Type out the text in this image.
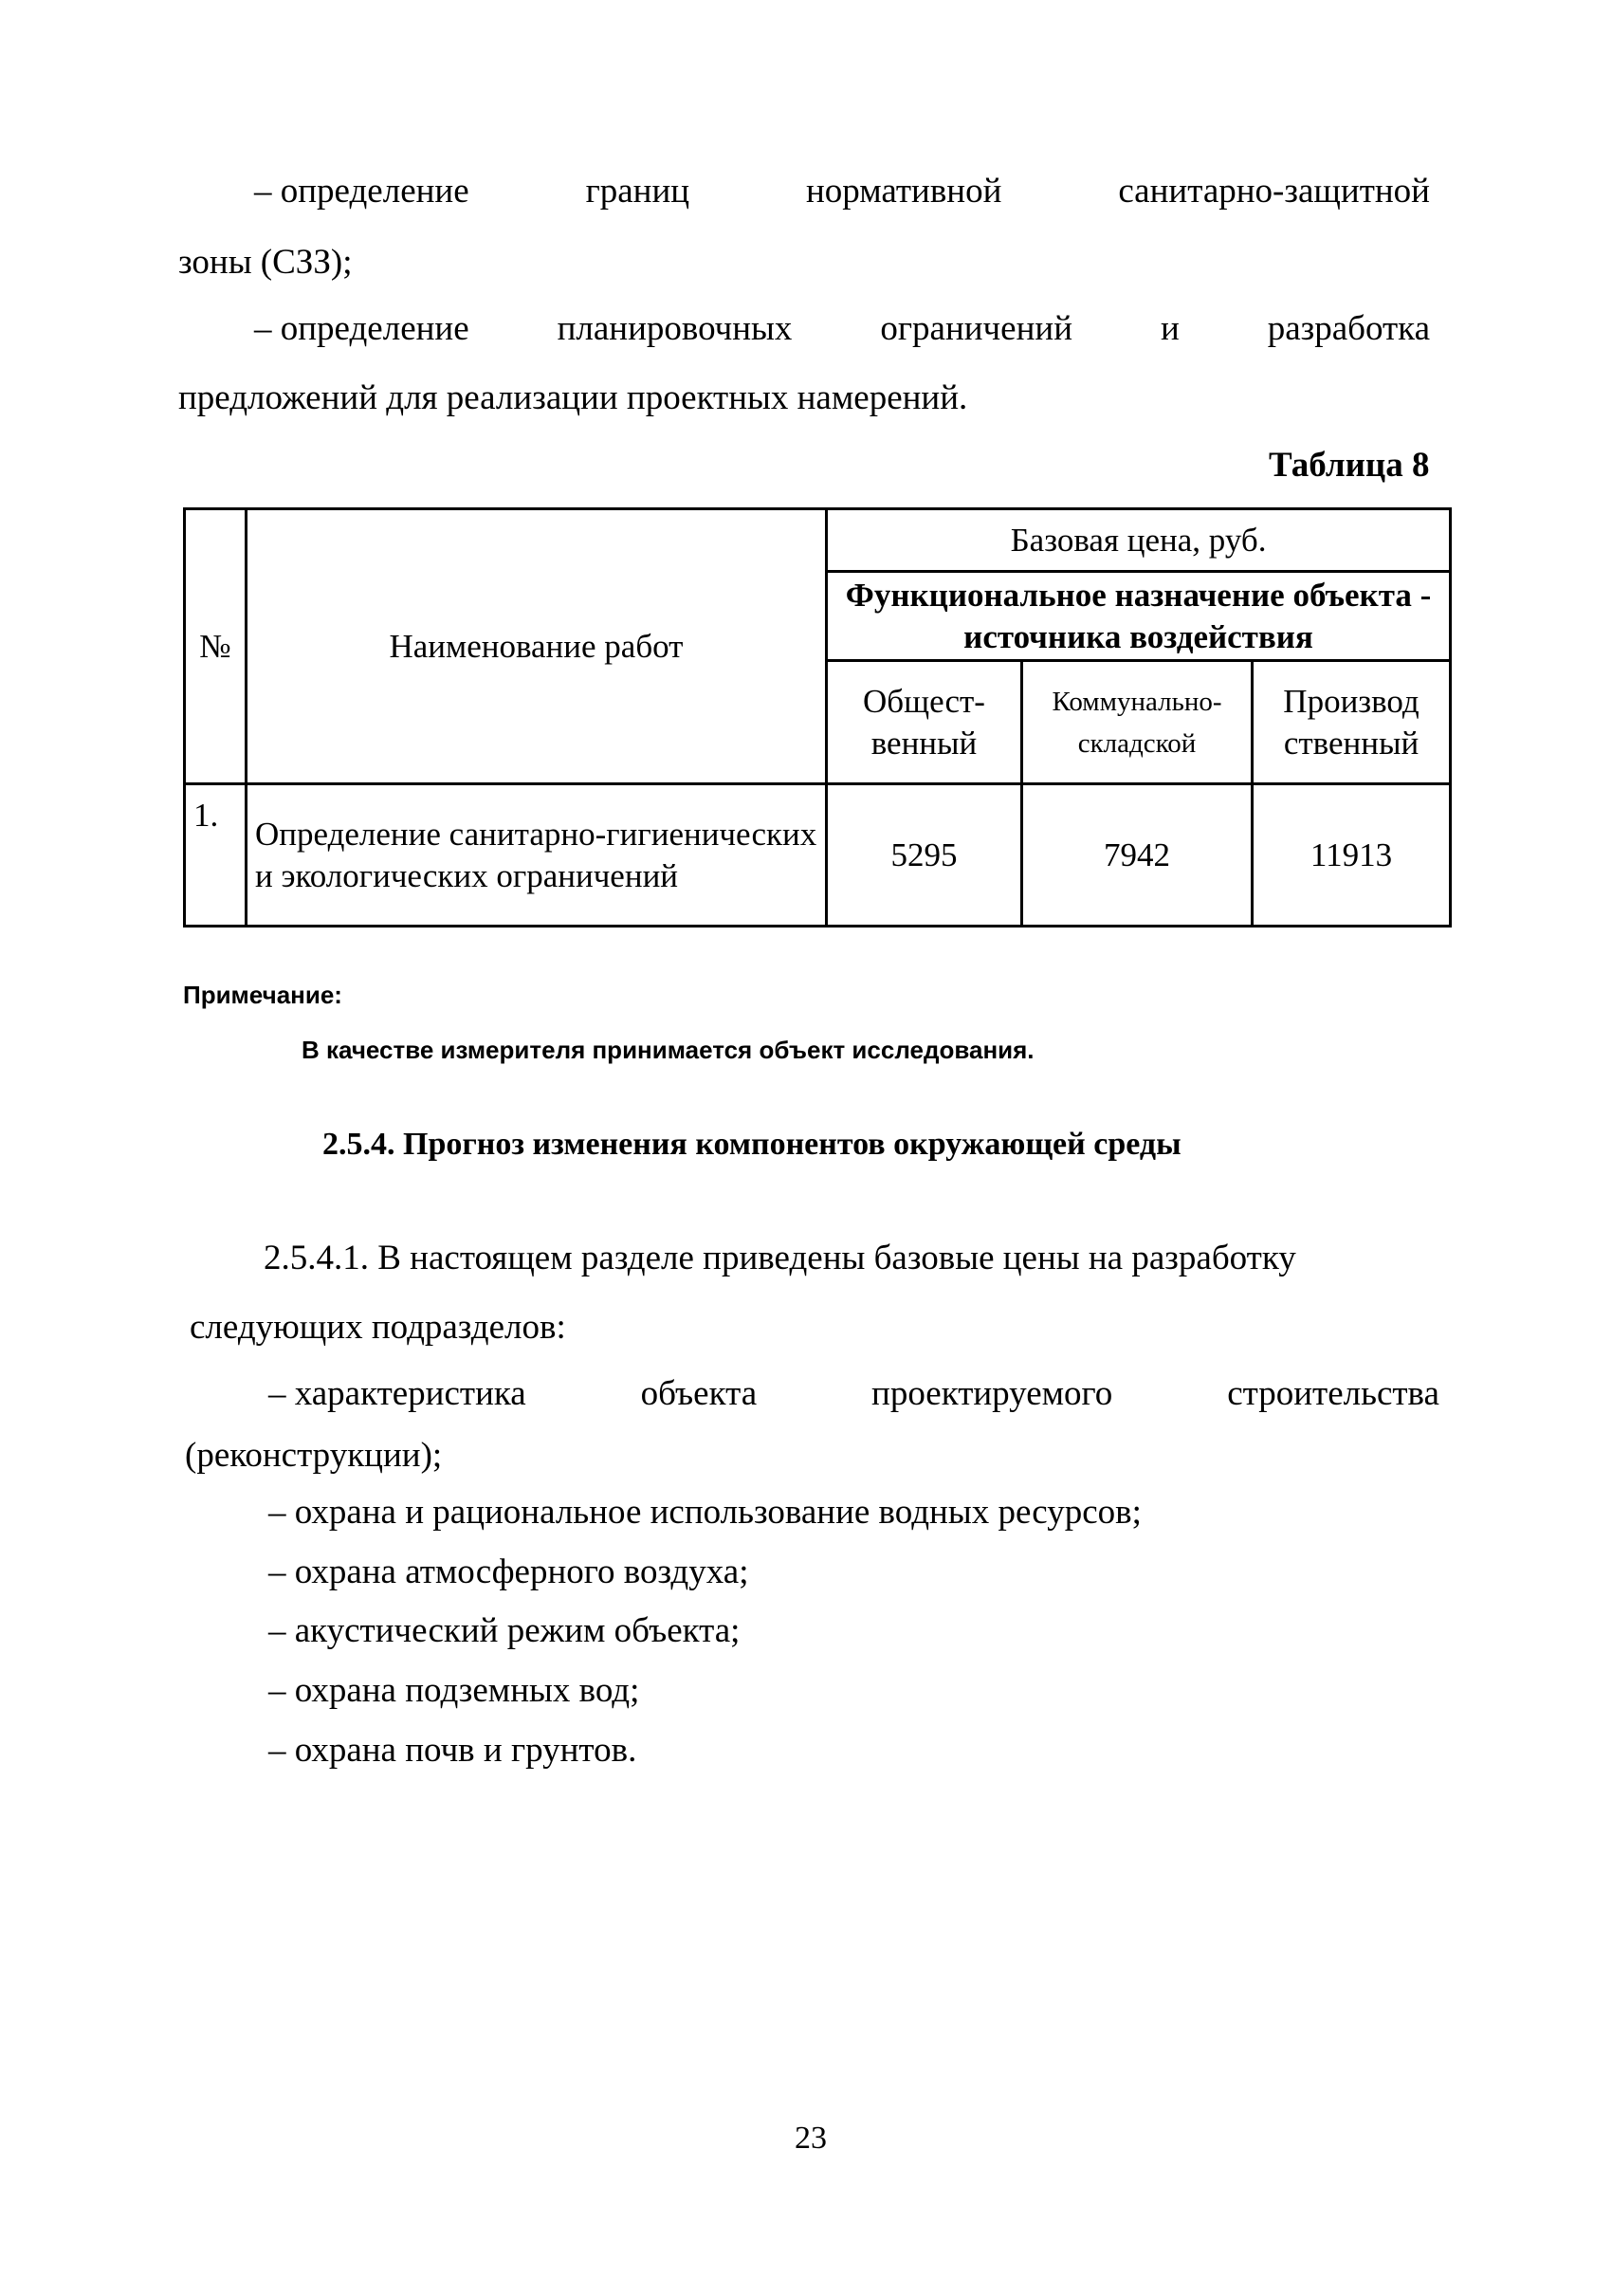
– определение	границ	нормативной	санитарно-защитной
зоны (СЗЗ);
– определение	планировочных	ограничений	и	разработка
предложений для реализации проектных намерений.
Таблица 8
№	Наименование работ	Базовая цена, руб.		
		Функциональное назначение объекта - источника воздействия		
		Общест-венный	Коммунально-складской	Производ ственный
1.	Определение санитарно-гигиенических и экологических ограничений	5295	7942	11913
Примечание:
В качестве измерителя принимается объект исследования.
2.5.4. Прогноз изменения компонентов окружающей среды
2.5.4.1. В настоящем разделе приведены базовые цены на разработку
следующих подразделов:
– характеристика	объекта	проектируемого	строительства
(реконструкции);
– охрана и рациональное использование водных ресурсов;
– охрана атмосферного воздуха;
– акустический режим объекта;
– охрана подземных вод;
– охрана почв и грунтов.
23
